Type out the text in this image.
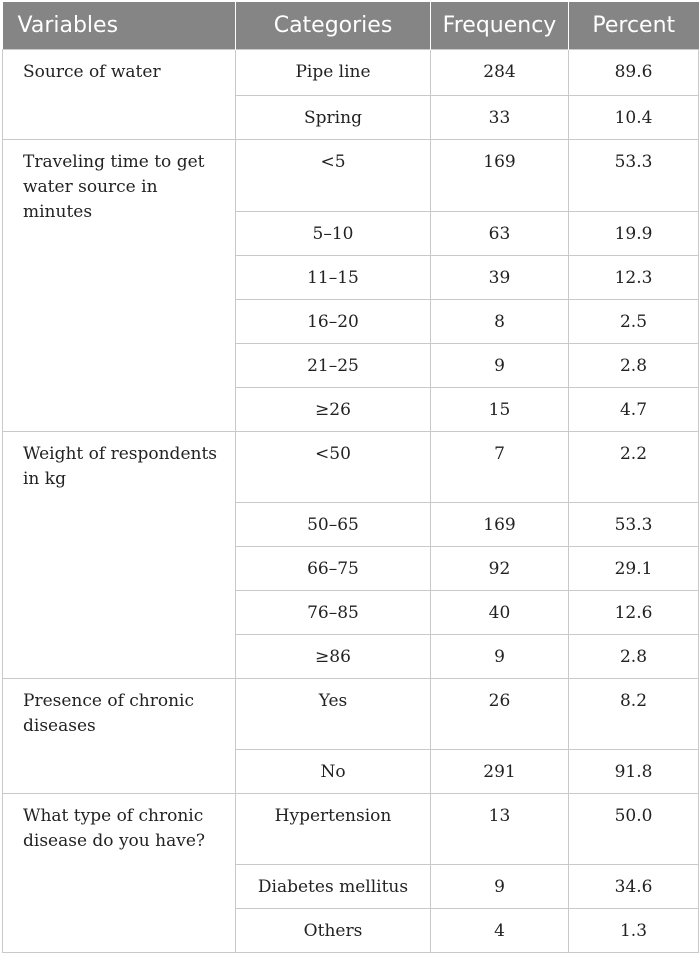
Variables	Categories	Frequency	Percent
Source of water	Pipe line	284	89.6
	Spring	33	10.4
Traveling time to get water source in minutes	<5	169	53.3
	5–10	63	19.9
	11–15	39	12.3
	16–20	8	2.5
	21–25	9	2.8
	≥26	15	4.7
Weight of respondents in kg	<50	7	2.2
	50–65	169	53.3
	66–75	92	29.1
	76–85	40	12.6
	≥86	9	2.8
Presence of chronic diseases	Yes	26	8.2
	No	291	91.8
What type of chronic disease do you have?	Hypertension	13	50.0
	Diabetes mellitus	9	34.6
	Others	4	1.3
